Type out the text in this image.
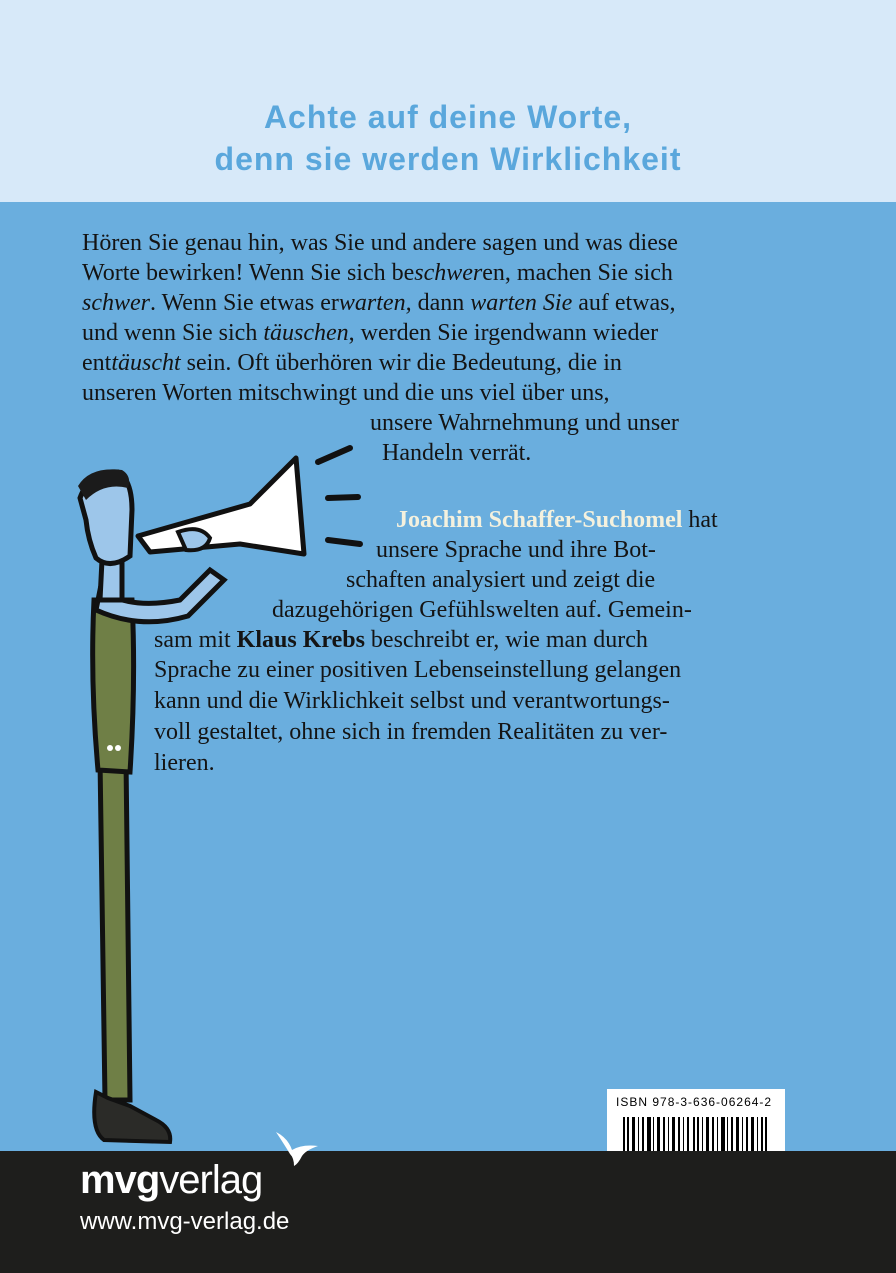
Achte auf deine Worte,
denn sie werden Wirklichkeit
Hören Sie genau hin, was Sie und andere sagen und was diese
Worte bewirken! Wenn Sie sich beschweren, machen Sie sich
schwer. Wenn Sie etwas erwarten, dann warten Sie auf etwas,
und wenn Sie sich täuschen, werden Sie irgendwann wieder
enttäuscht sein. Oft überhören wir die Bedeutung, die in
unseren Worten mitschwingt und die uns viel über uns,
unsere Wahrnehmung und unser
Handeln verrät.
Joachim Schaffer-Suchomel hat
unsere Sprache und ihre Bot-
schaften analysiert und zeigt die
dazugehörigen Gefühlswelten auf. Gemein-
sam mit Klaus Krebs beschreibt er, wie man durch
Sprache zu einer positiven Lebenseinstellung gelangen
kann und die Wirklichkeit selbst und verantwortungs-
voll gestaltet, ohne sich in fremden Realitäten zu ver-
lieren.
ISBN 978-3-636-06264-2
mvgverlag
www.mvg-verlag.de
